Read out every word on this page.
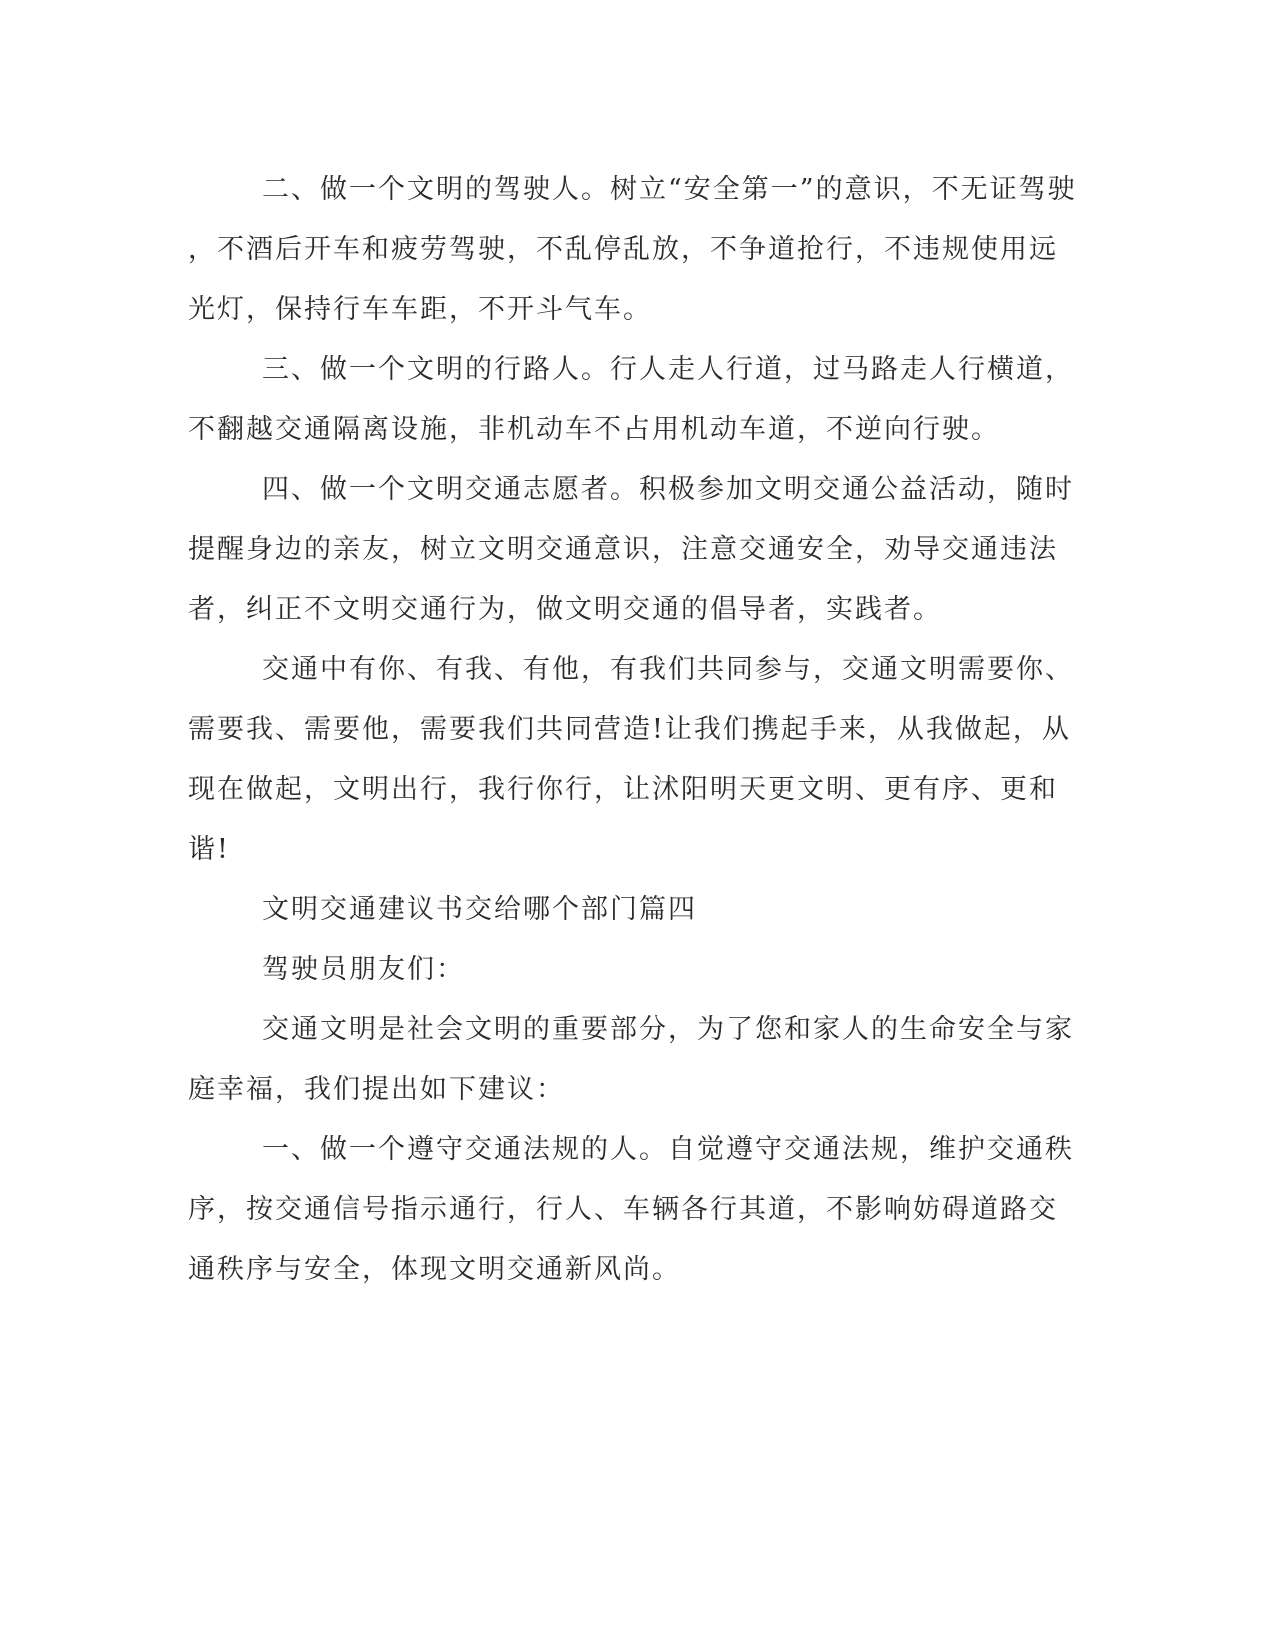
二、做一个文明的驾驶人。树立“安全第一”的意识，不无证驾驶
，不酒后开车和疲劳驾驶，不乱停乱放，不争道抢行，不违规使用远
光灯，保持行车车距，不开斗气车。
三、做一个文明的行路人。行人走人行道，过马路走人行横道，
不翻越交通隔离设施，非机动车不占用机动车道，不逆向行驶。
四、做一个文明交通志愿者。积极参加文明交通公益活动，随时
提醒身边的亲友，树立文明交通意识，注意交通安全，劝导交通违法
者，纠正不文明交通行为，做文明交通的倡导者，实践者。
交通中有你、有我、有他，有我们共同参与，交通文明需要你、
需要我、需要他，需要我们共同营造!让我们携起手来，从我做起，从
现在做起，文明出行，我行你行，让沭阳明天更文明、更有序、更和
谐!
文明交通建议书交给哪个部门篇四
驾驶员朋友们：
交通文明是社会文明的重要部分，为了您和家人的生命安全与家
庭幸福，我们提出如下建议：
一、做一个遵守交通法规的人。自觉遵守交通法规，维护交通秩
序，按交通信号指示通行，行人、车辆各行其道，不影响妨碍道路交
通秩序与安全，体现文明交通新风尚。
